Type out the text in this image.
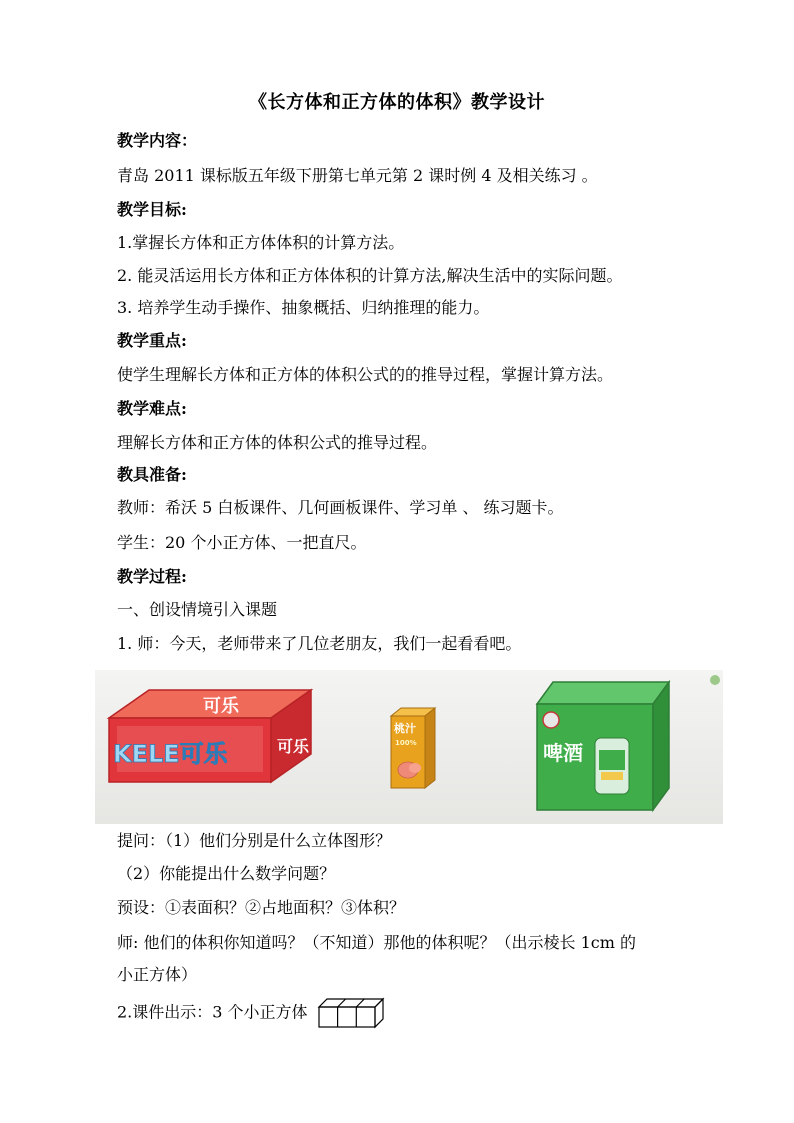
《长方体和正方体的体积》教学设计
教学内容：
青岛 2011 课标版五年级下册第七单元第 2 课时例 4 及相关练习 。
教学目标:
1.掌握长方体和正方体体积的计算方法。
2. 能灵活运用长方体和正方体体积的计算方法,解决生活中的实际问题。
3. 培养学生动手操作、抽象概括、归纳推理的能力。
教学重点:
使学生理解长方体和正方体的体积公式的的推导过程，掌握计算方法。
教学难点:
理解长方体和正方体的体积公式的推导过程。
教具准备:
教师：希沃 5 白板课件、几何画板课件、学习单 、 练习题卡。
学生：20 个小正方体、一把直尺。
教学过程:
一、创设情境引入课题
1. 师：今天，老师带来了几位老朋友，我们一起看看吧。
可乐
KELE可乐	可乐
桃汁
100%	啤酒
提问：（1）他们分别是什么立体图形？
（2）你能提出什么数学问题？
预设：①表面积？②占地面积？③体积？
师: 他们的体积你知道吗？（不知道）那他的体积呢？（出示棱长 1cm 的
小正方体）
2.课件出示：3 个小正方体
